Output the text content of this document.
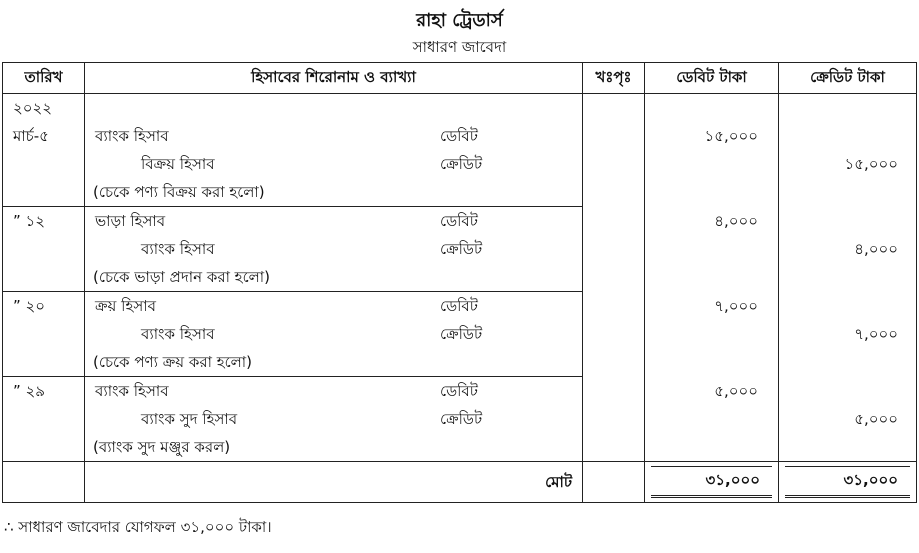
রাহা ট্রেডার্স
সাধারণ জাবেদা
তারিখ	হিসাবের শিরোনাম ও ব্যাখ্যা	খঃপৃঃ	ডেবিট টাকা	ক্রেডিট টাকা
২০২২				
মার্চ-৫	ব্যাংক হিসাব ডেবিট		১৫,০০০	

	বিক্রয় হিসাব ক্রেডিট			১৫,০০০

	(চেকে পণ্য বিক্রয় করা হলো)			

” ১২	ভাড়া হিসাব ডেবিট		৪,০০০	

	ব্যাংক হিসাব ক্রেডিট			৪,০০০

	(চেকে ভাড়া প্রদান করা হলো)			

” ২০	ক্রয় হিসাব ডেবিট		৭,০০০	

	ব্যাংক হিসাব ক্রেডিট			৭,০০০

	(চেকে পণ্য ক্রয় করা হলো)			

” ২৯	ব্যাংক হিসাব ডেবিট		৫,০০০	

	ব্যাংক সুদ হিসাব ক্রেডিট			৫,০০০

	(ব্যাংক সুদ মঞ্জুর করল)			

	মোট		৩১,০০০	৩১,০০০
∴ সাধারণ জাবেদার যোগফল ৩১,০০০ টাকা।
